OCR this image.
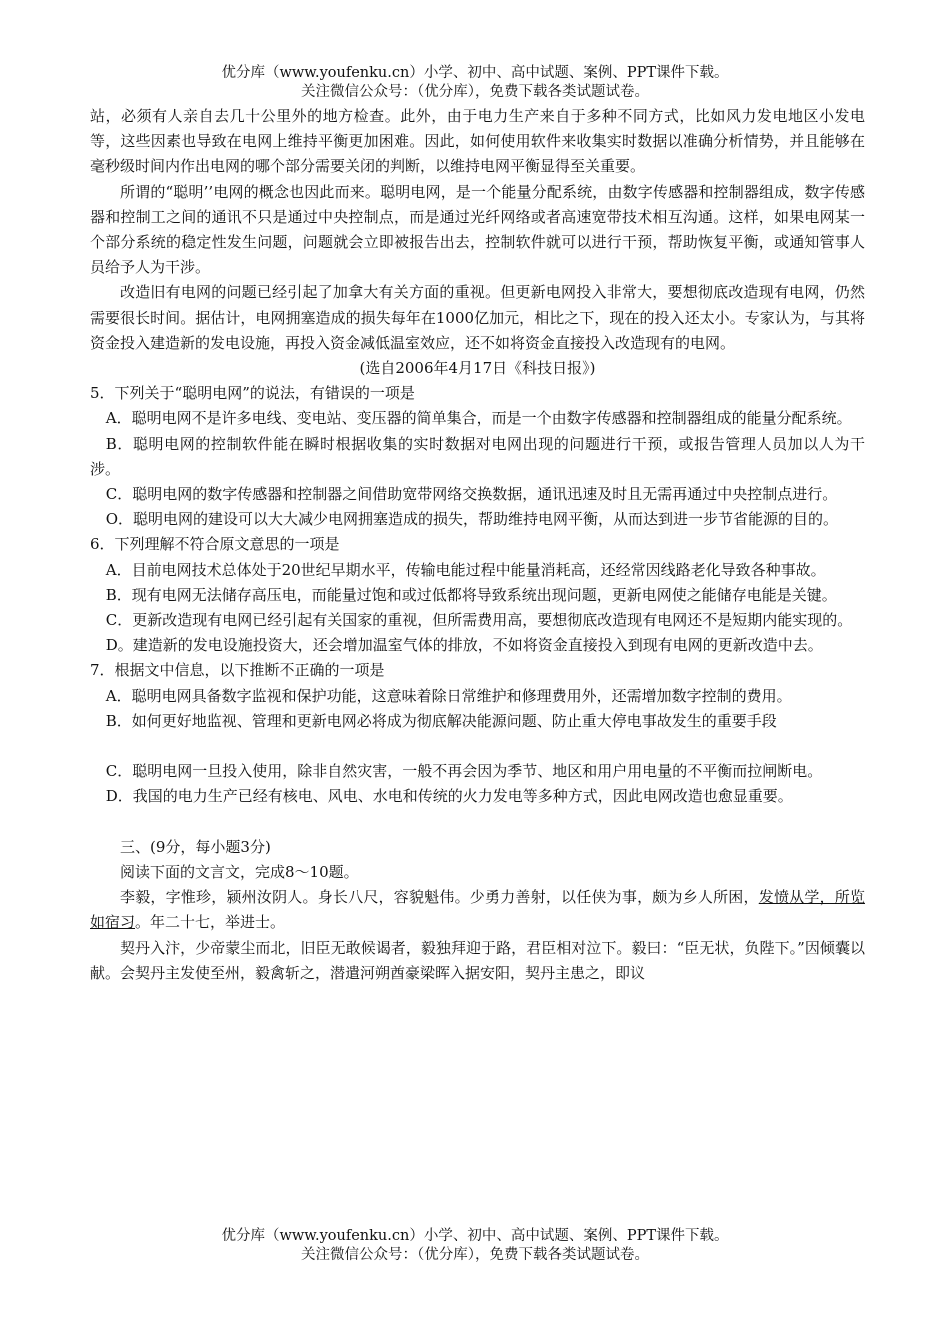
优分库（www.youfenku.cn）小学、初中、高中试题、案例、PPT课件下载。
关注微信公众号：（优分库），免费下载各类试题试卷。

站，必须有人亲自去几十公里外的地方检查。此外，由于电力生产来自于多种不同方式，比如风力发电地区小发电等，这些因素也导致在电网上维持平衡更加困难。因此，如何使用软件来收集实时数据以准确分析情势，并且能够在毫秒级时间内作出电网的哪个部分需要关闭的判断，以维持电网平衡显得至关重要。

所谓的“聪明’’电网的概念也因此而来。聪明电网，是一个能量分配系统，由数字传感器和控制器组成，数字传感器和控制工之间的通讯不只是通过中央控制点，而是通过光纤网络或者高速宽带技术相互沟通。这样，如果电网某一个部分系统的稳定性发生问题，问题就会立即被报告出去，控制软件就可以进行干预，帮助恢复平衡，或通知管事人员给予人为干涉。

改造旧有电网的问题已经引起了加拿大有关方面的重视。但更新电网投入非常大，要想彻底改造现有电网，仍然需要很长时间。据估计，电网拥塞造成的损失每年在1000亿加元，相比之下，现在的投入还太小。专家认为，与其将资金投入建造新的发电设施，再投入资金减低温室效应，还不如将资金直接投入改造现有的电网。

(选自2006年4月17日《科技日报》)

5．下列关于“聪明电网”的说法，有错误的一项是

A．聪明电网不是许多电线、变电站、变压器的简单集合，而是一个由数字传感器和控制器组成的能量分配系统。

B．聪明电网的控制软件能在瞬时根据收集的实时数据对电网出现的问题进行干预，或报告管理人员加以人为干涉。

C．聪明电网的数字传感器和控制器之间借助宽带网络交换数据，通讯迅速及时且无需再通过中央控制点进行。

O．聪明电网的建设可以大大减少电网拥塞造成的损失，帮助维持电网平衡，从而达到进一步节省能源的目的。

6．下列理解不符合原文意思的一项是

A．目前电网技术总体处于20世纪早期水平，传输电能过程中能量消耗高，还经常因线路老化导致各种事故。

B．现有电网无法储存高压电，而能量过饱和或过低都将导致系统出现问题，更新电网使之能储存电能是关键。

C．更新改造现有电网已经引起有关国家的重视，但所需费用高，要想彻底改造现有电网还不是短期内能实现的。

D。建造新的发电设施投资大，还会增加温室气体的排放，不如将资金直接投入到现有电网的更新改造中去。

7．根据文中信息，以下推断不正确的一项是

A．聪明电网具备数字监视和保护功能，这意味着除日常维护和修理费用外，还需增加数字控制的费用。

B．如何更好地监视、管理和更新电网必将成为彻底解决能源问题、防止重大停电事故发生的重要手段

C．聪明电网一旦投入使用，除非自然灾害，一般不再会因为季节、地区和用户用电量的不平衡而拉闸断电。

D．我国的电力生产已经有核电、风电、水电和传统的火力发电等多种方式，因此电网改造也愈显重要。

三、(9分，每小题3分)

阅读下面的文言文，完成8～10题。

李毅，字惟珍，颍州汝阴人。身长八尺，容貌魁伟。少勇力善射，以任侠为事，颇为乡人所困，发愤从学，所览如宿习。年二十七，举进士。

契丹入汴，少帝蒙尘而北，旧臣无敢候谒者，毅独拜迎于路，君臣相对泣下。毅曰：“臣无状，负陛下。”因倾囊以献。会契丹主发使至州，毅禽斩之，潜遣河朔酋豪梁晖入据安阳，契丹主患之，即议

优分库（www.youfenku.cn）小学、初中、高中试题、案例、PPT课件下载。
关注微信公众号：（优分库），免费下载各类试题试卷。
